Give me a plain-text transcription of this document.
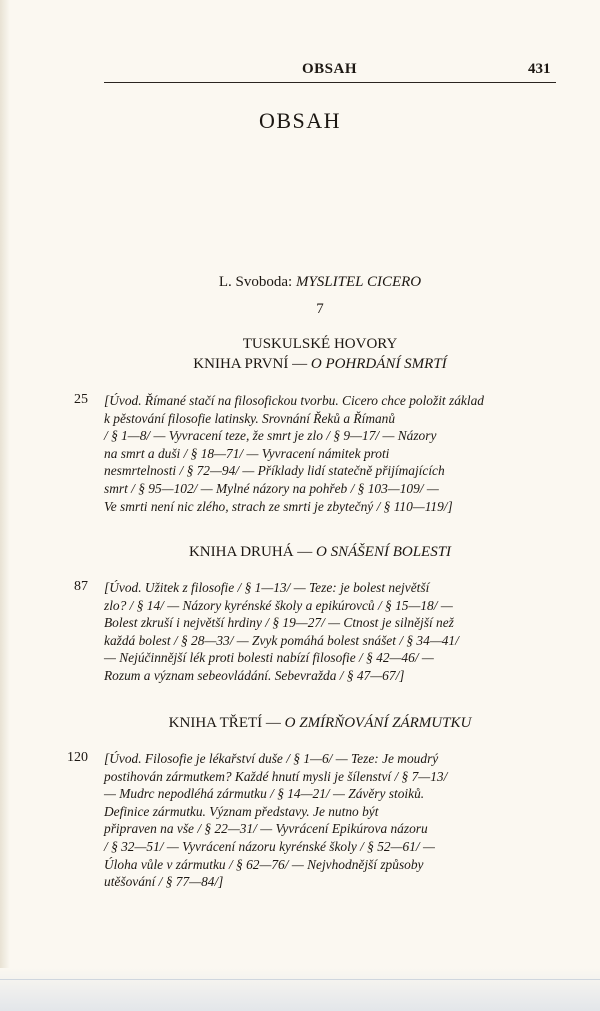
OBSAH	431
OBSAH
L. Svoboda: MYSLITEL CICERO
7
TUSKULSKÉ HOVORY
KNIHA PRVNÍ — O POHRDÁNÍ SMRTÍ
25 [Úvod. Římané stačí na filosofickou tvorbu. Cicero chce položit základ
k pěstování filosofie latinsky. Srovnání Řeků a Římanů
/ § 1—8/ — Vyvracení teze, že smrt je zlo / § 9—17/ — Názory
na smrt a duši / § 18—71/ — Vyvracení námitek proti
nesmrtelnosti / § 72—94/ — Příklady lidí statečně přijímajících
smrt / § 95—102/ — Mylné názory na pohřeb / § 103—109/ —
Ve smrti není nic zlého, strach ze smrti je zbytečný / § 110—119/]
KNIHA DRUHÁ — O SNÁŠENÍ BOLESTI
87 [Úvod. Užitek z filosofie / § 1—13/ — Teze: je bolest největší
zlo? / § 14/ — Názory kyrénské školy a epikúrovců / § 15—18/ —
Bolest zkruší i největší hrdiny / § 19—27/ — Ctnost je silnější než
každá bolest / § 28—33/ — Zvyk pomáhá bolest snášet / § 34—41/
— Nejúčinnější lék proti bolesti nabízí filosofie / § 42—46/ —
Rozum a význam sebeovládání. Sebevražda / § 47—67/]
KNIHA TŘETÍ — O ZMÍRŇOVÁNÍ ZÁRMUTKU
120 [Úvod. Filosofie je lékařství duše / § 1—6/ — Teze: Je moudrý
postihován zármutkem? Každé hnutí mysli je šílenství / § 7—13/
— Mudrc nepodléhá zármutku / § 14—21/ — Závěry stoiků.
Definice zármutku. Význam představy. Je nutno být
připraven na vše / § 22—31/ — Vyvrácení Epikúrova názoru
/ § 32—51/ — Vyvrácení názoru kyrénské školy / § 52—61/ —
Úloha vůle v zármutku / § 62—76/ — Nejvhodnější způsoby
utěšování / § 77—84/]
